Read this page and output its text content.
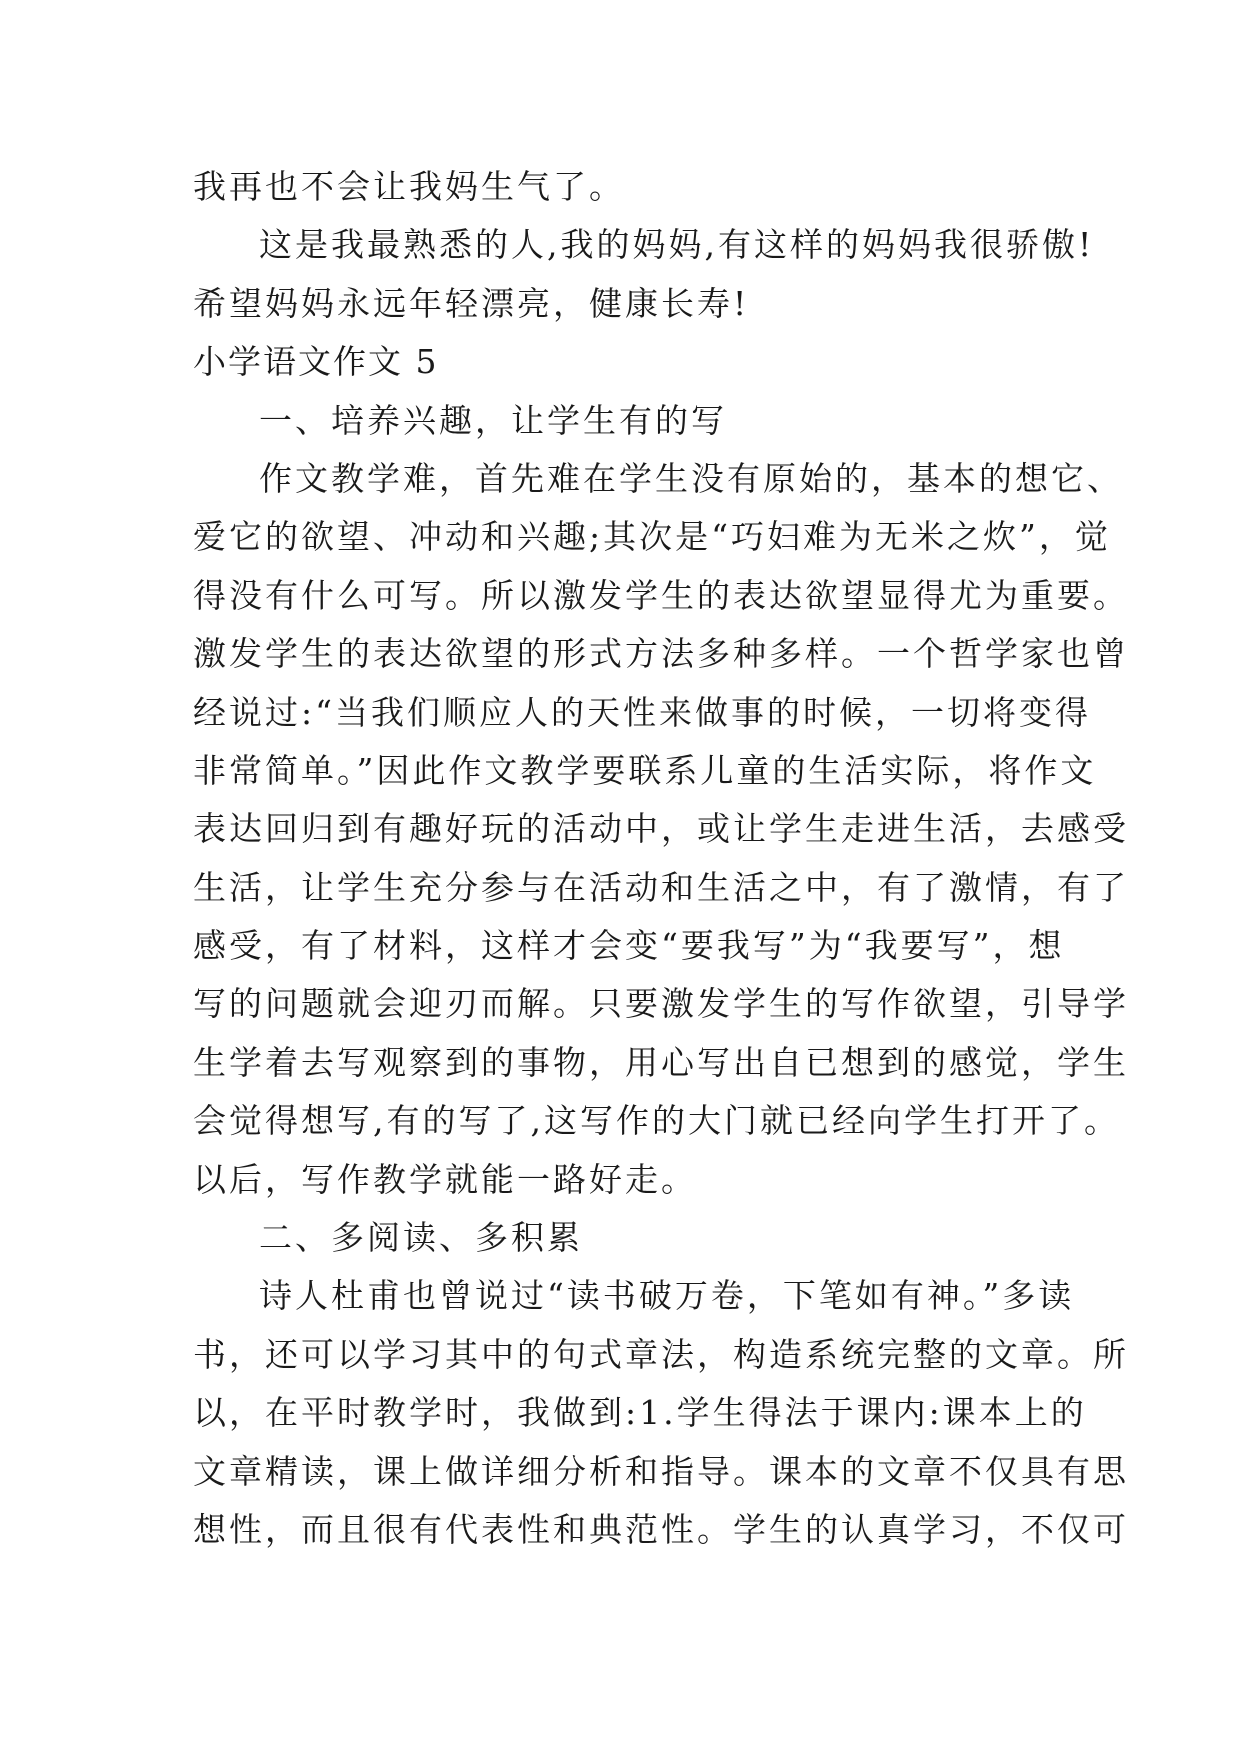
我再也不会让我妈生气了。
这是我最熟悉的人,我的妈妈,有这样的妈妈我很骄傲!
希望妈妈永远年轻漂亮，健康长寿!
小学语文作文 5
一、培养兴趣，让学生有的写
作文教学难，首先难在学生没有原始的，基本的想它、
爱它的欲望、冲动和兴趣;其次是“巧妇难为无米之炊”，觉
得没有什么可写。所以激发学生的表达欲望显得尤为重要。
激发学生的表达欲望的形式方法多种多样。一个哲学家也曾
经说过:“当我们顺应人的天性来做事的时候，一切将变得
非常简单。”因此作文教学要联系儿童的生活实际，将作文
表达回归到有趣好玩的活动中，或让学生走进生活，去感受
生活，让学生充分参与在活动和生活之中，有了激情，有了
感受，有了材料，这样才会变“要我写”为“我要写”，想
写的问题就会迎刃而解。只要激发学生的写作欲望，引导学
生学着去写观察到的事物，用心写出自已想到的感觉，学生
会觉得想写,有的写了,这写作的大门就已经向学生打开了。
以后，写作教学就能一路好走。
二、多阅读、多积累
诗人杜甫也曾说过“读书破万卷，下笔如有神。”多读
书，还可以学习其中的句式章法，构造系统完整的文章。所
以，在平时教学时，我做到:1.学生得法于课内:课本上的
文章精读，课上做详细分析和指导。课本的文章不仅具有思
想性，而且很有代表性和典范性。学生的认真学习，不仅可
